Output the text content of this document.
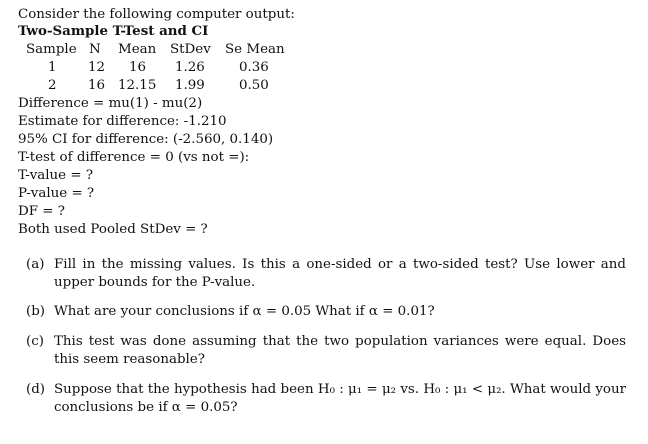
Consider the following computer output:
Two-Sample T-Test and CI
Sample N Mean StDev Se Mean
1 12 16 1.26	0.36
2 16 12.15 1.99	0.50
Difference = mu(1) - mu(2)
Estimate for difference: -1.210
95% CI for difference: (-2.560, 0.140)
T-test of difference = 0 (vs not =):
T-value = ?
P-value = ?
DF = ?
Both used Pooled StDev = ?
(a) Fill in the missing values. Is this a one-sided or a two-sided test? Use lower and upper bounds for the P-value.
(b) What are your conclusions if α = 0.05 What if α = 0.01?
(c) This test was done assuming that the two population variances were equal. Does this seem reasonable?
(d) Suppose that the hypothesis had been H₀ : μ₁ = μ₂ vs. H₀ : μ₁ < μ₂. What would your conclusions be if α = 0.05?
